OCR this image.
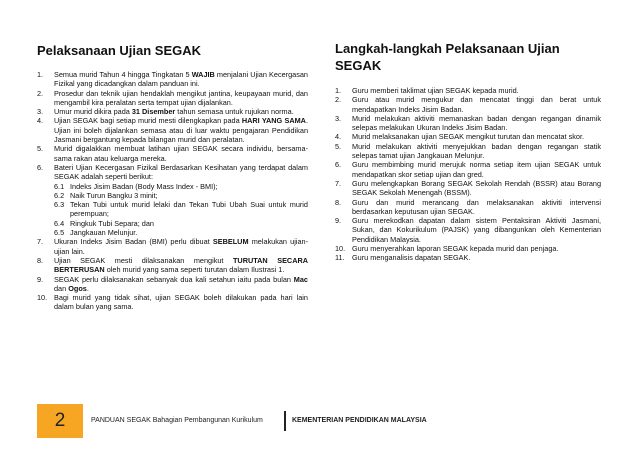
Pelaksanaan Ujian SEGAK
1. Semua murid Tahun 4 hingga Tingkatan 5 WAJIB menjalani Ujian Kecergasan Fizikal yang dicadangkan dalam panduan ini.
2. Prosedur dan teknik ujian hendaklah mengikut jantina, keupayaan murid, dan mengambil kira peralatan serta tempat ujian dijalankan.
3. Umur murid dikira pada 31 Disember tahun semasa untuk rujukan norma.
4. Ujian SEGAK bagi setiap murid mesti dilengkapkan pada HARI YANG SAMA. Ujian ini boleh dijalankan semasa atau di luar waktu pengajaran Pendidikan Jasmani bergantung kepada bilangan murid dan peralatan.
5. Murid digalakkan membuat latihan ujian SEGAK secara individu, bersama-sama rakan atau keluarga mereka.
6. Bateri Ujian Kecergasan Fizikal Berdasarkan Kesihatan yang terdapat dalam SEGAK adalah seperti berikut:
6.1 Indeks Jisim Badan (Body Mass Index - BMI);
6.2 Naik Turun Bangku 3 minit;
6.3 Tekan Tubi untuk murid lelaki dan Tekan Tubi Ubah Suai untuk murid perempuan;
6.4 Ringkuk Tubi Separa; dan
6.5 Jangkauan Melunjur.
7. Ukuran Indeks Jisim Badan (BMI) perlu dibuat SEBELUM melakukan ujian-ujian lain.
8. Ujian SEGAK mesti dilaksanakan mengikut TURUTAN SECARA BERTERUSAN oleh murid yang sama seperti turutan dalam Ilustrasi 1.
9. SEGAK perlu dilaksanakan sebanyak dua kali setahun iaitu pada bulan Mac dan Ogos.
10. Bagi murid yang tidak sihat, ujian SEGAK boleh dilakukan pada hari lain dalam bulan yang sama.
Langkah-langkah Pelaksanaan Ujian
SEGAK
1. Guru memberi taklimat ujian SEGAK kepada murid.
2. Guru atau murid mengukur dan mencatat tinggi dan berat untuk mendapatkan Indeks Jisim Badan.
3. Murid melakukan aktiviti memanaskan badan dengan regangan dinamik selepas melakukan Ukuran Indeks Jisim Badan.
4. Murid melaksanakan ujian SEGAK mengikut turutan dan mencatat skor.
5. Murid melakukan aktiviti menyejukkan badan dengan regangan statik selepas tamat ujian Jangkauan Melunjur.
6. Guru membimbing murid merujuk norma setiap item ujian SEGAK untuk mendapatkan skor setiap ujian dan gred.
7. Guru melengkapkan Borang SEGAK Sekolah Rendah (BSSR) atau Borang SEGAK Sekolah Menengah (BSSM).
8. Guru dan murid merancang dan melaksanakan aktiviti intervensi berdasarkan keputusan ujian SEGAK.
9. Guru merekodkan dapatan dalam sistem Pentaksiran Aktiviti Jasmani, Sukan, dan Kokurikulum (PAJSK) yang dibangunkan oleh Kementerian Pendidikan Malaysia.
10. Guru menyerahkan laporan SEGAK kepada murid dan penjaga.
11. Guru menganalisis dapatan SEGAK.
2	PANDUAN SEGAK Bahagian Pembangunan Kurikulum	KEMENTERIAN PENDIDIKAN MALAYSIA
